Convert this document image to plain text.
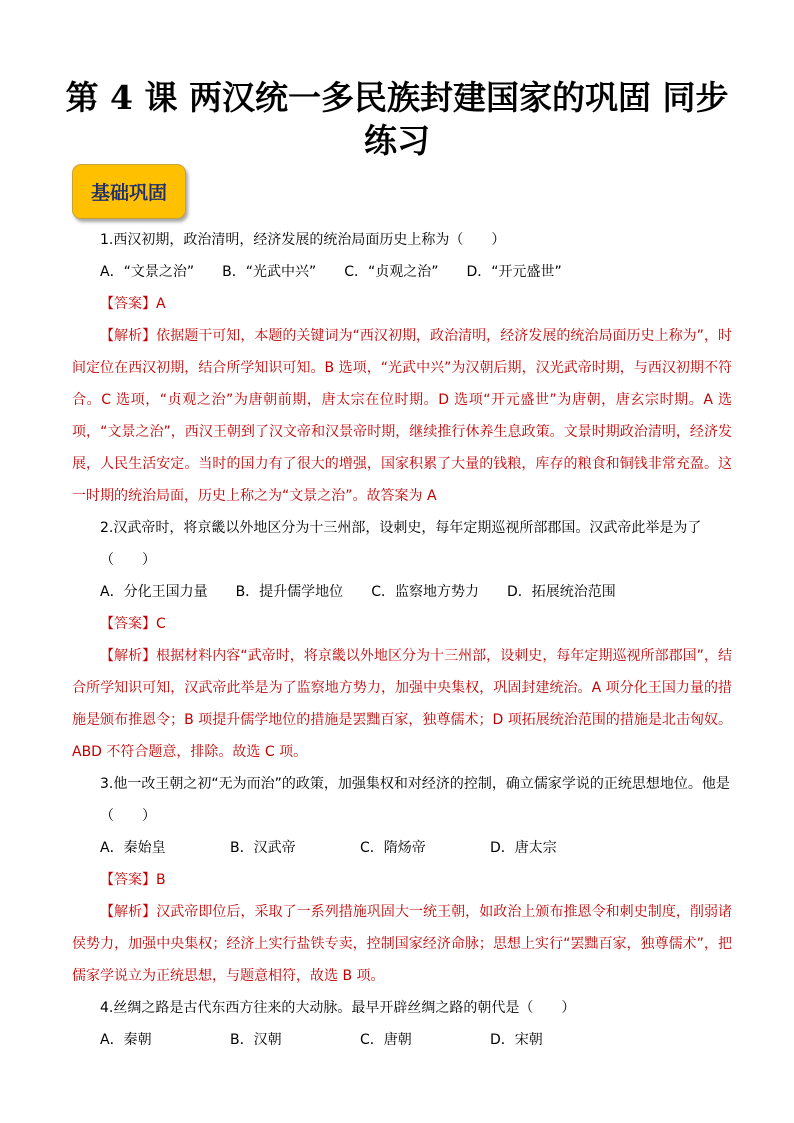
第 4 课 两汉统一多民族封建国家的巩固 同步练习
基础巩固
1.西汉初期，政治清明，经济发展的统治局面历史上称为（　　）
A．“文景之治” B．“光武中兴” C．“贞观之治” D．“开元盛世”
【答案】A
【解析】依据题干可知，本题的关键词为“西汉初期，政治清明，经济发展的统治局面历史上称为”，时间定位在西汉初期，结合所学知识可知。B 选项，“光武中兴”为汉朝后期，汉光武帝时期，与西汉初期不符合。C 选项，“贞观之治”为唐朝前期，唐太宗在位时期。D 选项“开元盛世”为唐朝，唐玄宗时期。A 选项，“文景之治”，西汉王朝到了汉文帝和汉景帝时期，继续推行休养生息政策。文景时期政治清明，经济发展，人民生活安定。当时的国力有了很大的增强，国家积累了大量的钱粮，库存的粮食和铜钱非常充盈。这一时期的统治局面，历史上称之为“文景之治”。故答案为 A
2.汉武帝时，将京畿以外地区分为十三州部，设刺史，每年定期巡视所部郡国。汉武帝此举是为了（　　）
A．分化王国力量 B．提升儒学地位 C．监察地方势力 D．拓展统治范围
【答案】C
【解析】根据材料内容“武帝时，将京畿以外地区分为十三州部，设刺史，每年定期巡视所部郡国”，结合所学知识可知，汉武帝此举是为了监察地方势力，加强中央集权，巩固封建统治。A 项分化王国力量的措施是颁布推恩令；B 项提升儒学地位的措施是罢黜百家，独尊儒术；D 项拓展统治范围的措施是北击匈奴。ABD 不符合题意，排除。故选 C 项。
3.他一改王朝之初“无为而治”的政策，加强集权和对经济的控制，确立儒家学说的正统思想地位。他是（　　）
A．秦始皇	B．汉武帝	C．隋炀帝	D．唐太宗
【答案】B
【解析】汉武帝即位后，采取了一系列措施巩固大一统王朝，如政治上颁布推恩令和刺史制度，削弱诸侯势力，加强中央集权；经济上实行盐铁专卖，控制国家经济命脉；思想上实行“罢黜百家，独尊儒术”，把儒家学说立为正统思想，与题意相符，故选 B 项。
4.丝绸之路是古代东西方往来的大动脉。最早开辟丝绸之路的朝代是（　　）
A．秦朝	B．汉朝	C．唐朝	D．宋朝
